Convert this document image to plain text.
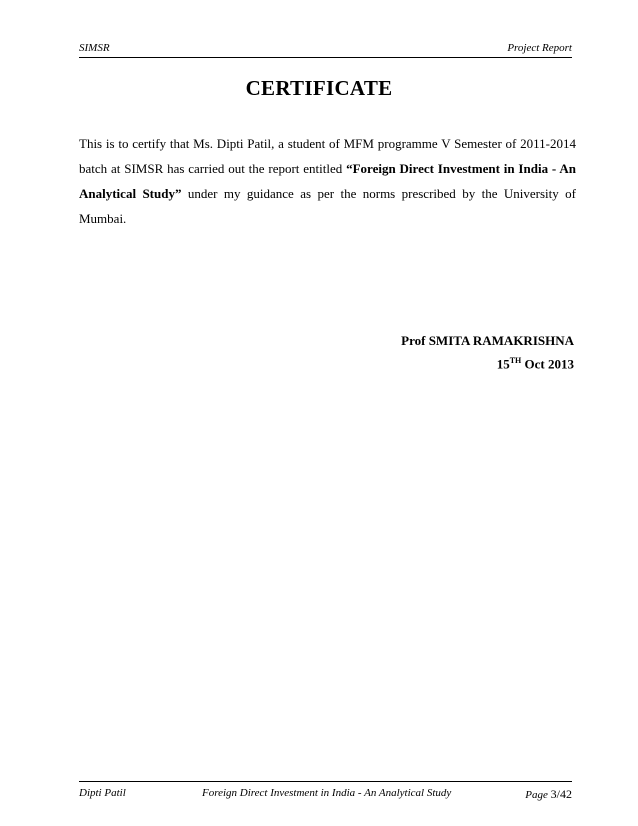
SIMSR	Project Report
CERTIFICATE
This is to certify that Ms. Dipti Patil, a student of MFM programme V Semester of 2011-2014 batch at SIMSR has carried out the report entitled “Foreign Direct Investment in India - An Analytical Study” under my guidance as per the norms prescribed by the University of Mumbai.
Prof SMITA RAMAKRISHNA
15TH Oct 2013
Dipti Patil	Foreign Direct Investment in India - An Analytical Study	Page 3/42
